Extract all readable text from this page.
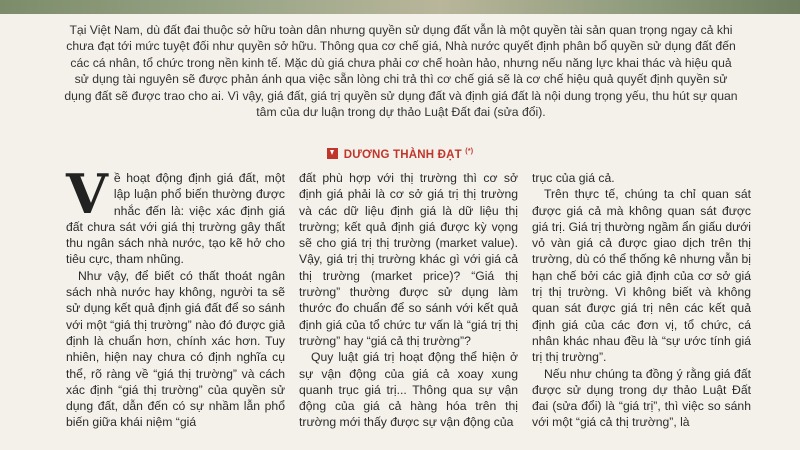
Tại Việt Nam, dù đất đai thuộc sở hữu toàn dân nhưng quyền sử dụng đất vẫn là một quyền tài sản quan trọng ngay cả khi chưa đạt tới mức tuyệt đối như quyền sở hữu. Thông qua cơ chế giá, Nhà nước quyết định phân bổ quyền sử dụng đất đến các cá nhân, tổ chức trong nền kinh tế. Mặc dù giá chưa phải cơ chế hoàn hảo, nhưng nếu năng lực khai thác và hiệu quả sử dụng tài nguyên sẽ được phản ánh qua việc sẵn lòng chi trả thì cơ chế giá sẽ là cơ chế hiệu quả quyết định quyền sử dụng đất sẽ được trao cho ai. Vì vậy, giá đất, giá trị quyền sử dụng đất và định giá đất là nội dung trọng yếu, thu hút sự quan tâm của dư luận trong dự thảo Luật Đất đai (sửa đổi).
DƯƠNG THÀNH ĐẠT (*)

Về hoạt động định giá đất, một lập luận phổ biến thường được nhắc đến là: việc xác định giá đất chưa sát với giá thị trường gây thất thu ngân sách nhà nước, tạo kẽ hở cho tiêu cực, tham nhũng.

Như vậy, để biết có thất thoát ngân sách nhà nước hay không, người ta sẽ sử dụng kết quả định giá đất để so sánh với một “giá thị trường” nào đó được giả định là chuẩn hơn, chính xác hơn. Tuy nhiên, hiện nay chưa có định nghĩa cụ thể, rõ ràng về “giá thị trường” và cách xác định “giá thị trường” của quyền sử dụng đất, dẫn đến có sự nhầm lẫn phổ biến giữa khái niệm “giá

đất phù hợp với thị trường thì cơ sở định giá phải là cơ sở giá trị thị trường và các dữ liệu định giá là dữ liệu thị trường; kết quả định giá được kỳ vọng sẽ cho giá trị thị trường (market value). Vậy, giá trị thị trường khác gì với giá cả thị trường (market price)? “Giá thị trường” thường được sử dụng làm thước đo chuẩn để so sánh với kết quả định giá của tổ chức tư vấn là “giá trị thị trường” hay “giá cả thị trường”?

Quy luật giá trị hoạt động thể hiện ở sự vận động của giá cả xoay xung quanh trục giá trị... Thông qua sự vận động của giá cả hàng hóa trên thị trường mới thấy được sự vận động của

trục của giá cả.

Trên thực tế, chúng ta chỉ quan sát được giá cả mà không quan sát được giá trị. Giá trị thường ngầm ẩn giấu dưới vỏ vàn giá cả được giao dịch trên thị trường, dù có thể thống kê nhưng vẫn bị hạn chế bởi các giả định của cơ sở giá trị thị trường. Vì không biết và không quan sát được giá trị nên các kết quả định giá của các đơn vị, tổ chức, cá nhân khác nhau đều là “sự ước tính giá trị thị trường”.

Nếu như chúng ta đồng ý rằng giá đất được sử dụng trong dự thảo Luật Đất đai (sửa đổi) là “giá trị”, thì việc so sánh với một “giá cả thị trường”, là
